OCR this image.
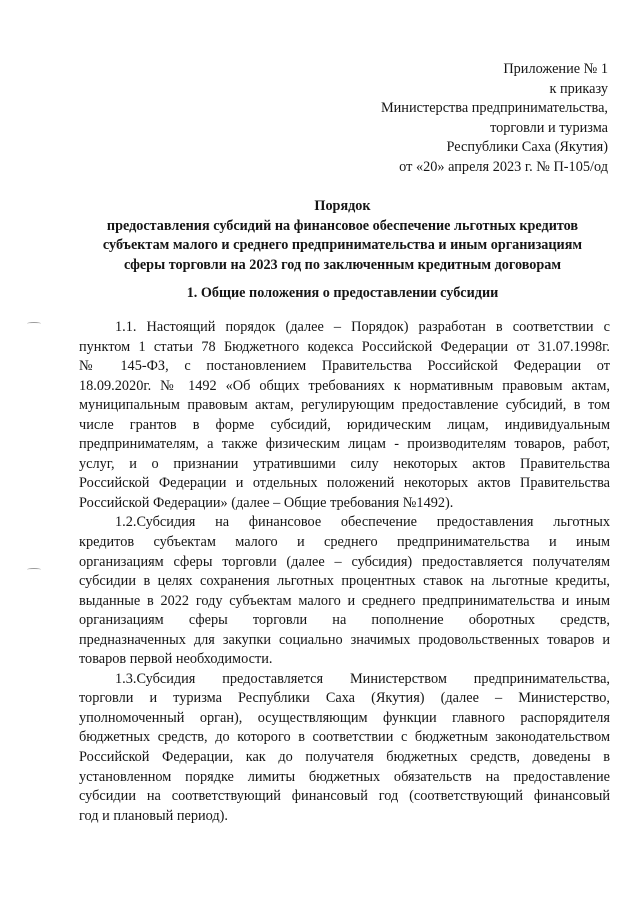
Приложение № 1
к приказу
Министерства предпринимательства,
торговли и туризма
Республики Саха (Якутия)
от «20» апреля 2023 г. № П-105/од
Порядок
предоставления субсидий на финансовое обеспечение льготных кредитов
субъектам малого и среднего предпринимательства и иным организациям
сферы торговли на 2023 год по заключенным кредитным договорам
1. Общие положения о предоставлении субсидии
1.1. Настоящий порядок (далее – Порядок) разработан в соответствии с
пунктом 1 статьи 78 Бюджетного кодекса Российской Федерации от 31.07.1998г.
№ 145-ФЗ, с постановлением Правительства Российской Федерации от
18.09.2020г. № 1492 «Об общих требованиях к нормативным правовым актам,
муниципальным правовым актам, регулирующим предоставление субсидий, в том
числе грантов в форме субсидий, юридическим лицам, индивидуальным
предпринимателям, а также физическим лицам - производителям товаров, работ,
услуг, и о признании утратившими силу некоторых актов Правительства
Российской Федерации и отдельных положений некоторых актов Правительства
Российской Федерации» (далее – Общие требования №1492).
1.2.Субсидия на финансовое обеспечение предоставления льготных
кредитов субъектам малого и среднего предпринимательства и иным
организациям сферы торговли (далее – субсидия) предоставляется получателям
субсидии в целях сохранения льготных процентных ставок на льготные кредиты,
выданные в 2022 году субъектам малого и среднего предпринимательства и иным
организациям сферы торговли на пополнение оборотных средств,
предназначенных для закупки социально значимых продовольственных товаров и
товаров первой необходимости.
1.3.Субсидия предоставляется Министерством предпринимательства,
торговли и туризма Республики Саха (Якутия) (далее – Министерство,
уполномоченный орган), осуществляющим функции главного распорядителя
бюджетных средств, до которого в соответствии с бюджетным законодательством
Российской Федерации, как до получателя бюджетных средств, доведены в
установленном порядке лимиты бюджетных обязательств на предоставление
субсидии на соответствующий финансовый год (соответствующий финансовый
год и плановый период).
